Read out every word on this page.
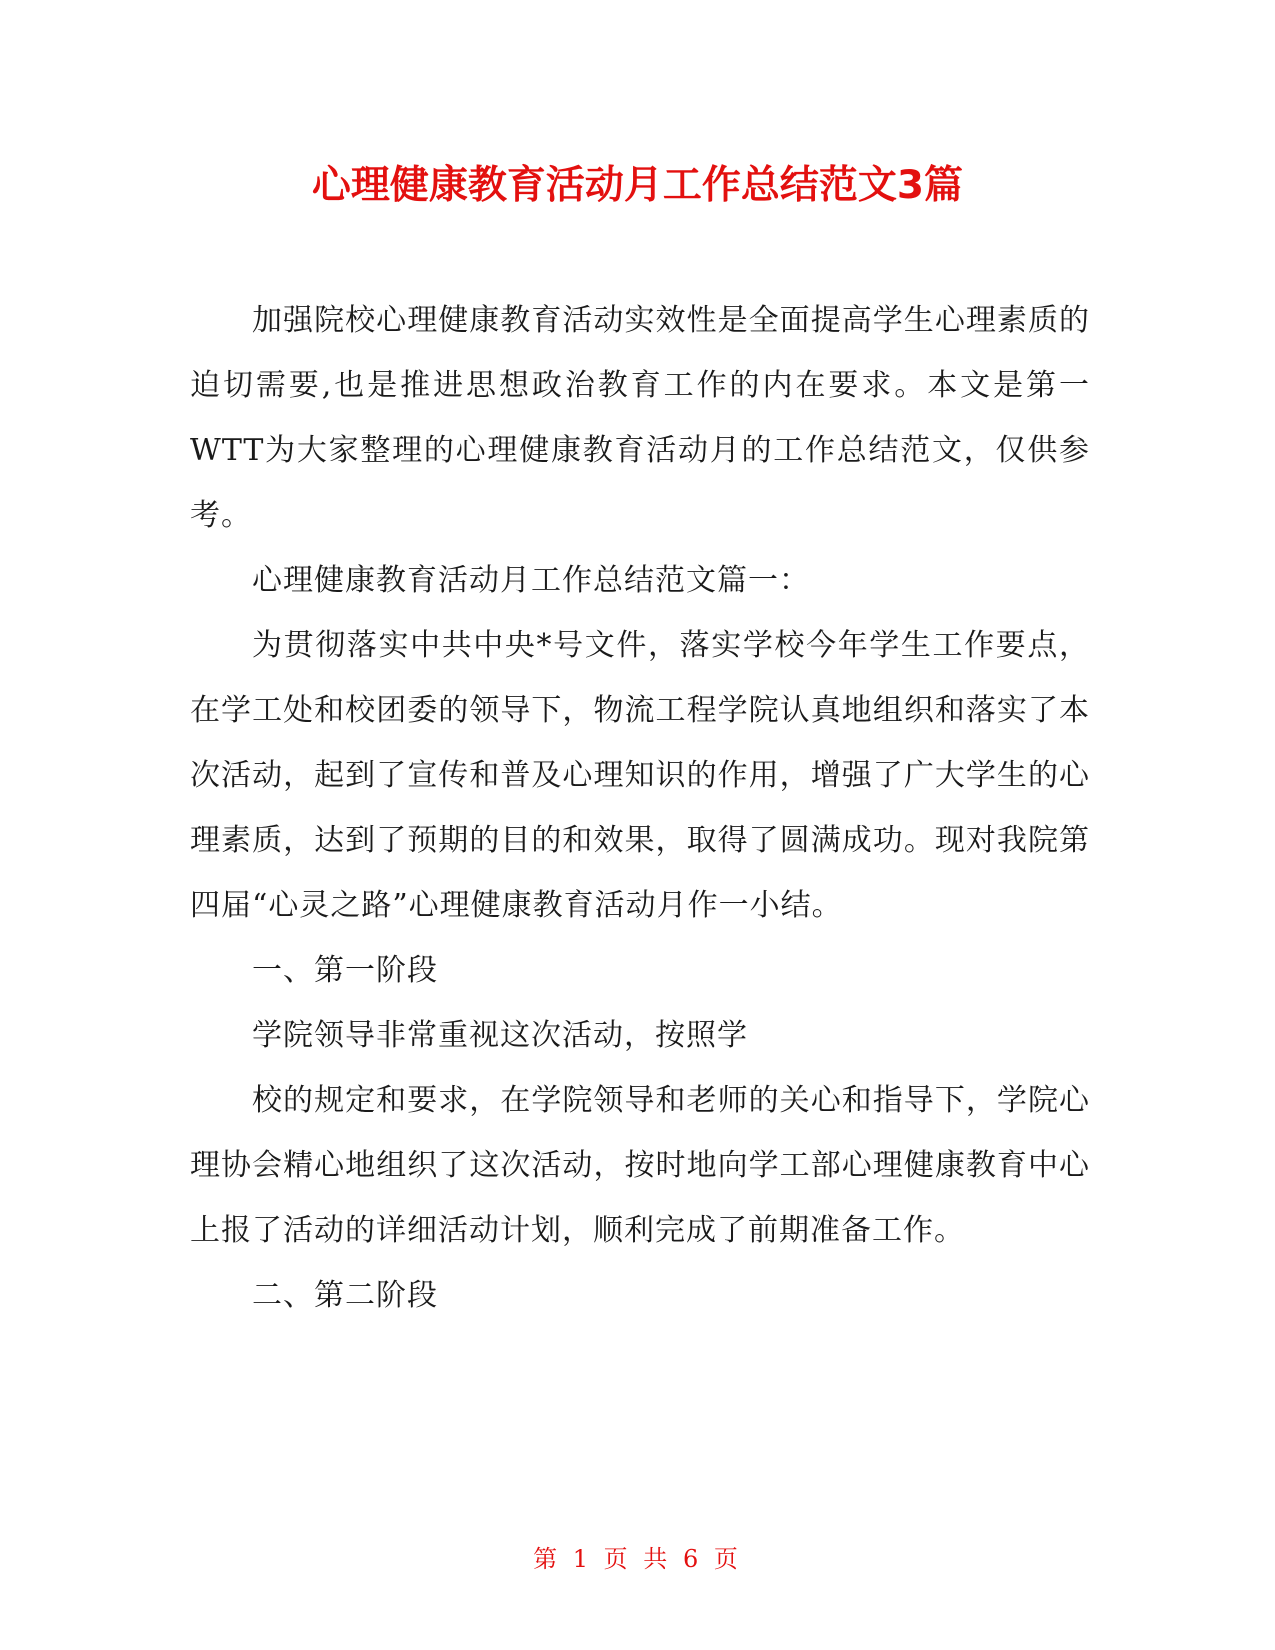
心理健康教育活动月工作总结范文3篇

加强院校心理健康教育活动实效性是全面提高学生心理素质的迫切需要,也是推进思想政治教育工作的内在要求。本文是第一WTT为大家整理的心理健康教育活动月的工作总结范文，仅供参考。

心理健康教育活动月工作总结范文篇一：

为贯彻落实中共中央*号文件，落实学校今年学生工作要点，在学工处和校团委的领导下，物流工程学院认真地组织和落实了本次活动，起到了宣传和普及心理知识的作用，增强了广大学生的心理素质，达到了预期的目的和效果，取得了圆满成功。现对我院第四届“心灵之路”心理健康教育活动月作一小结。

一、第一阶段

学院领导非常重视这次活动，按照学

校的规定和要求，在学院领导和老师的关心和指导下，学院心理协会精心地组织了这次活动，按时地向学工部心理健康教育中心上报了活动的详细活动计划，顺利完成了前期准备工作。

二、第二阶段

第 1 页 共 6 页
